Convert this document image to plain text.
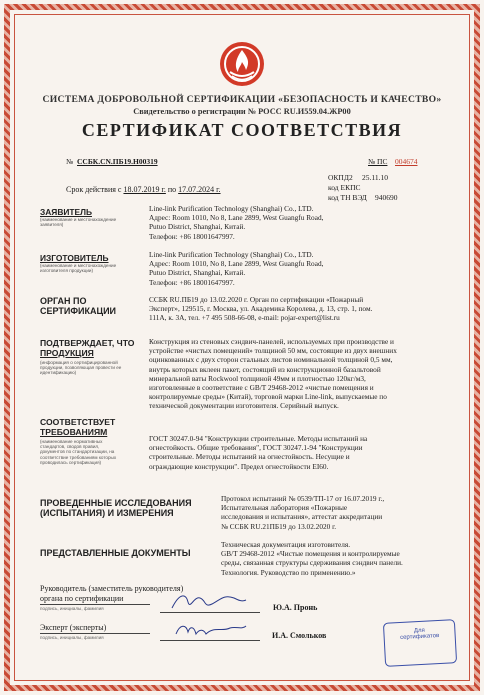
СИСТЕМА ДОБРОВОЛЬНОЙ СЕРТИФИКАЦИИ «БЕЗОПАСНОСТЬ И КАЧЕСТВО»
Свидетельство о регистрации № РОСС RU.И559.04.ЖР00
СЕРТИФИКАТ СООТВЕТСТВИЯ
№ ССБК.CN.ПБ19.Н00319	№ ПС 004674
ОКПД2 25.11.10
код ЕКПС
код ТН ВЭД 940690
Срок действия с 18.07.2019 г. по 17.07.2024 г.
ЗАЯВИТЕЛЬ
(наименование и местонахождение заявителя)
Line-link Purification Technology (Shanghai) Co., LTD.
Адрес: Room 1010, No 8, Lane 2899, West Guangfu Road,
Putuo District, Shanghai, Китай.
Телефон: +86 18001647997.
ИЗГОТОВИТЕЛЬ
(наименование и местонахождение изготовителя продукции)
Line-link Purification Technology (Shanghai) Co., LTD.
Адрес: Room 1010, No 8, Lane 2899, West Guangfu Road,
Putuo District, Shanghai, Китай.
Телефон: +86 18001647997.
ОРГАН ПО
СЕРТИФИКАЦИИ
ССБК RU.ПБ19 до 13.02.2020 г. Орган по сертификации «Пожарный
Эксперт», 129515, г. Москва, ул. Академика Королева, д. 13, стр. 1, пом.
111А, к. 3А, тел. +7 495 508-66-08, e-mail: pojar-expert@list.ru
ПОДТВЕРЖДАЕТ, ЧТО
ПРОДУКЦИЯ
(информация о сертифицированной продукции, позволяющая провести ее идентификацию)
Конструкция из стеновых сэндвич-панелей, используемых при производстве и
устройстве «чистых помещений» толщиной 50 мм, состоящие из двух внешних
оцинкованных с двух сторон стальных листов номинальной толщиной 0,5 мм,
внутрь которых вклеен пакет, состоящий из конструкционной базальтовой
минеральной ваты Rockwool толщиной 49мм и плотностью 120кг/м3,
изготовленные в соответствие с GB/T 29468-2012 «чистые помещения и
контролируемые среды» (Китай), торговой марки Line-link, выпускаемые по
технической документации изготовителя. Серийный выпуск.
СООТВЕТСТВУЕТ
ТРЕБОВАНИЯМ
(наименование нормативных стандартов, сводов правил, документов по стандартизации, на соответствие требованиям которых проводилась сертификация)
ГОСТ 30247.0-94 "Конструкции строительные. Методы испытаний на
огнестойкость. Общие требования", ГОСТ 30247.1-94 "Конструкции
строительные. Методы испытаний на огнестойкость. Несущие и
ограждающие конструкции". Предел огнестойкости EI60.
ПРОВЕДЕННЫЕ ИССЛЕДОВАНИЯ
(ИСПЫТАНИЯ) И ИЗМЕРЕНИЯ
Протокол испытаний № 0539/ТП-17 от 16.07.2019 г.,
Испытательная лаборатория «Пожарные
исследования и испытания», аттестат аккредитации
№ ССБК RU.21ПБ19 до 13.02.2020 г.
ПРЕДСТАВЛЕННЫЕ ДОКУМЕНТЫ
Техническая документация изготовителя.
GB/T 29468-2012 «Чистые помещения и контролируемые
среды, связанная структуры сдерживания сэндвич панели.
Технология. Руководство по применению.»
Руководитель (заместитель руководителя)
органа по сертификации
подпись, инициалы, фамилия	Ю.А. Пронь
Эксперт (эксперты)
подпись, инициалы, фамилия	И.А. Смольков	Для
сертификатов
